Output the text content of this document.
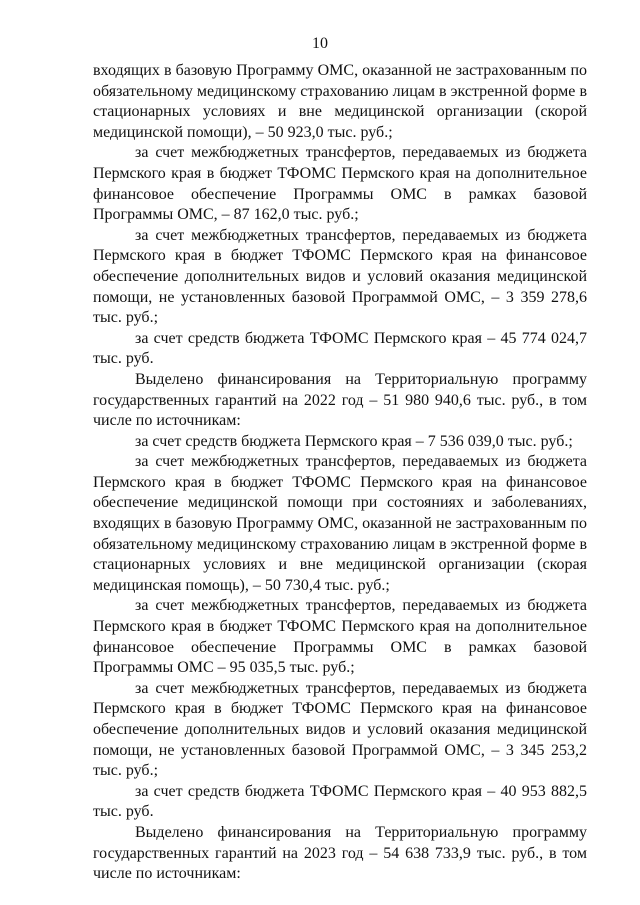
10

входящих в базовую Программу ОМС, оказанной не застрахованным по обязательному медицинскому страхованию лицам в экстренной форме в стационарных условиях и вне медицинской организации (скорой медицинской помощи), – 50 923,0 тыс. руб.;

за счет межбюджетных трансфертов, передаваемых из бюджета Пермского края в бюджет ТФОМС Пермского края на дополнительное финансовое обеспечение Программы ОМС в рамках базовой Программы ОМС, – 87 162,0 тыс. руб.;

за счет межбюджетных трансфертов, передаваемых из бюджета Пермского края в бюджет ТФОМС Пермского края на финансовое обеспечение дополнительных видов и условий оказания медицинской помощи, не установленных базовой Программой ОМС, – 3 359 278,6 тыс. руб.;

за счет средств бюджета ТФОМС Пермского края – 45 774 024,7 тыс. руб.

Выделено финансирования на Территориальную программу государственных гарантий на 2022 год – 51 980 940,6 тыс. руб., в том числе по источникам:

за счет средств бюджета Пермского края – 7 536 039,0 тыс. руб.;

за счет межбюджетных трансфертов, передаваемых из бюджета Пермского края в бюджет ТФОМС Пермского края на финансовое обеспечение медицинской помощи при состояниях и заболеваниях, входящих в базовую Программу ОМС, оказанной не застрахованным по обязательному медицинскому страхованию лицам в экстренной форме в стационарных условиях и вне медицинской организации (скорая медицинская помощь), – 50 730,4 тыс. руб.;

за счет межбюджетных трансфертов, передаваемых из бюджета Пермского края в бюджет ТФОМС Пермского края на дополнительное финансовое обеспечение Программы ОМС в рамках базовой Программы ОМС – 95 035,5 тыс. руб.;

за счет межбюджетных трансфертов, передаваемых из бюджета Пермского края в бюджет ТФОМС Пермского края на финансовое обеспечение дополнительных видов и условий оказания медицинской помощи, не установленных базовой Программой ОМС, – 3 345 253,2 тыс. руб.;

за счет средств бюджета ТФОМС Пермского края – 40 953 882,5 тыс. руб.

Выделено финансирования на Территориальную программу государственных гарантий на 2023 год – 54 638 733,9 тыс. руб., в том числе по источникам:
